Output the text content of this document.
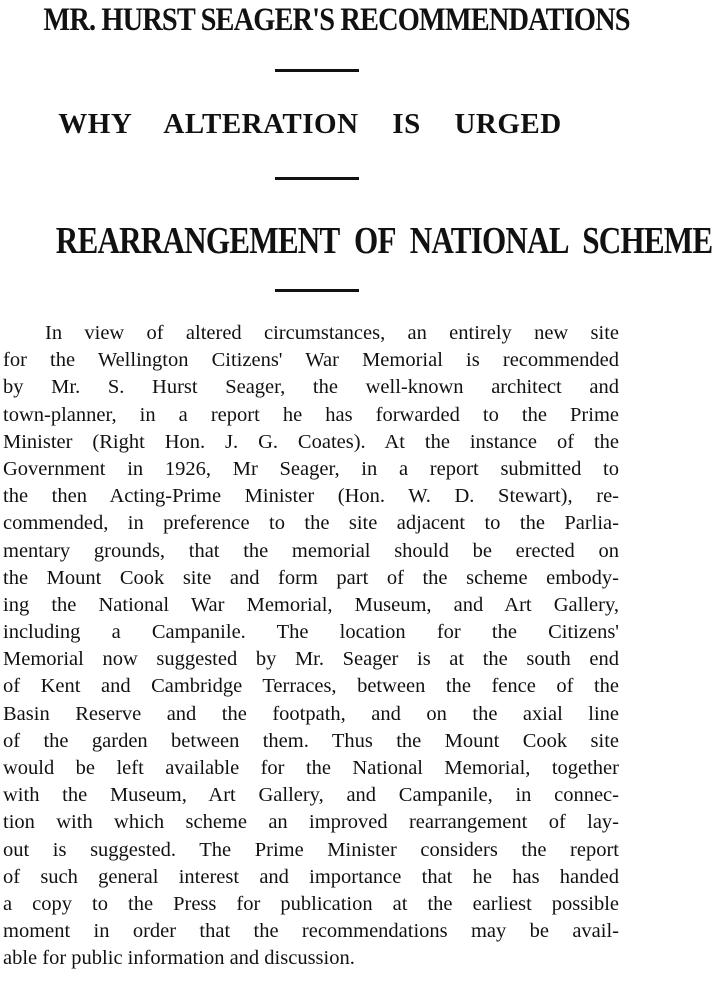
MR. HURST SEAGER'S RECOMMENDATIONS
WHY ALTERATION IS URGED
REARRANGEMENT OF NATIONAL SCHEME
In view of altered circumstances, an entirely new site
for the Wellington Citizens' War Memorial is recommended
by Mr. S. Hurst Seager, the well-known architect and
town-planner, in a report he has forwarded to the Prime
Minister (Right Hon. J. G. Coates). At the instance of the
Government in 1926, Mr Seager, in a report submitted to
the then Acting-Prime Minister (Hon. W. D. Stewart), re-
commended, in preference to the site adjacent to the Parlia-
mentary grounds, that the memorial should be erected on
the Mount Cook site and form part of the scheme embody-
ing the National War Memorial, Museum, and Art Gallery,
including a Campanile. The location for the Citizens'
Memorial now suggested by Mr. Seager is at the south end
of Kent and Cambridge Terraces, between the fence of the
Basin Reserve and the footpath, and on the axial line
of the garden between them. Thus the Mount Cook site
would be left available for the National Memorial, together
with the Museum, Art Gallery, and Campanile, in connec-
tion with which scheme an improved rearrangement of lay-
out is suggested. The Prime Minister considers the report
of such general interest and importance that he has handed
a copy to the Press for publication at the earliest possible
moment in order that the recommendations may be avail-
able for public information and discussion.
